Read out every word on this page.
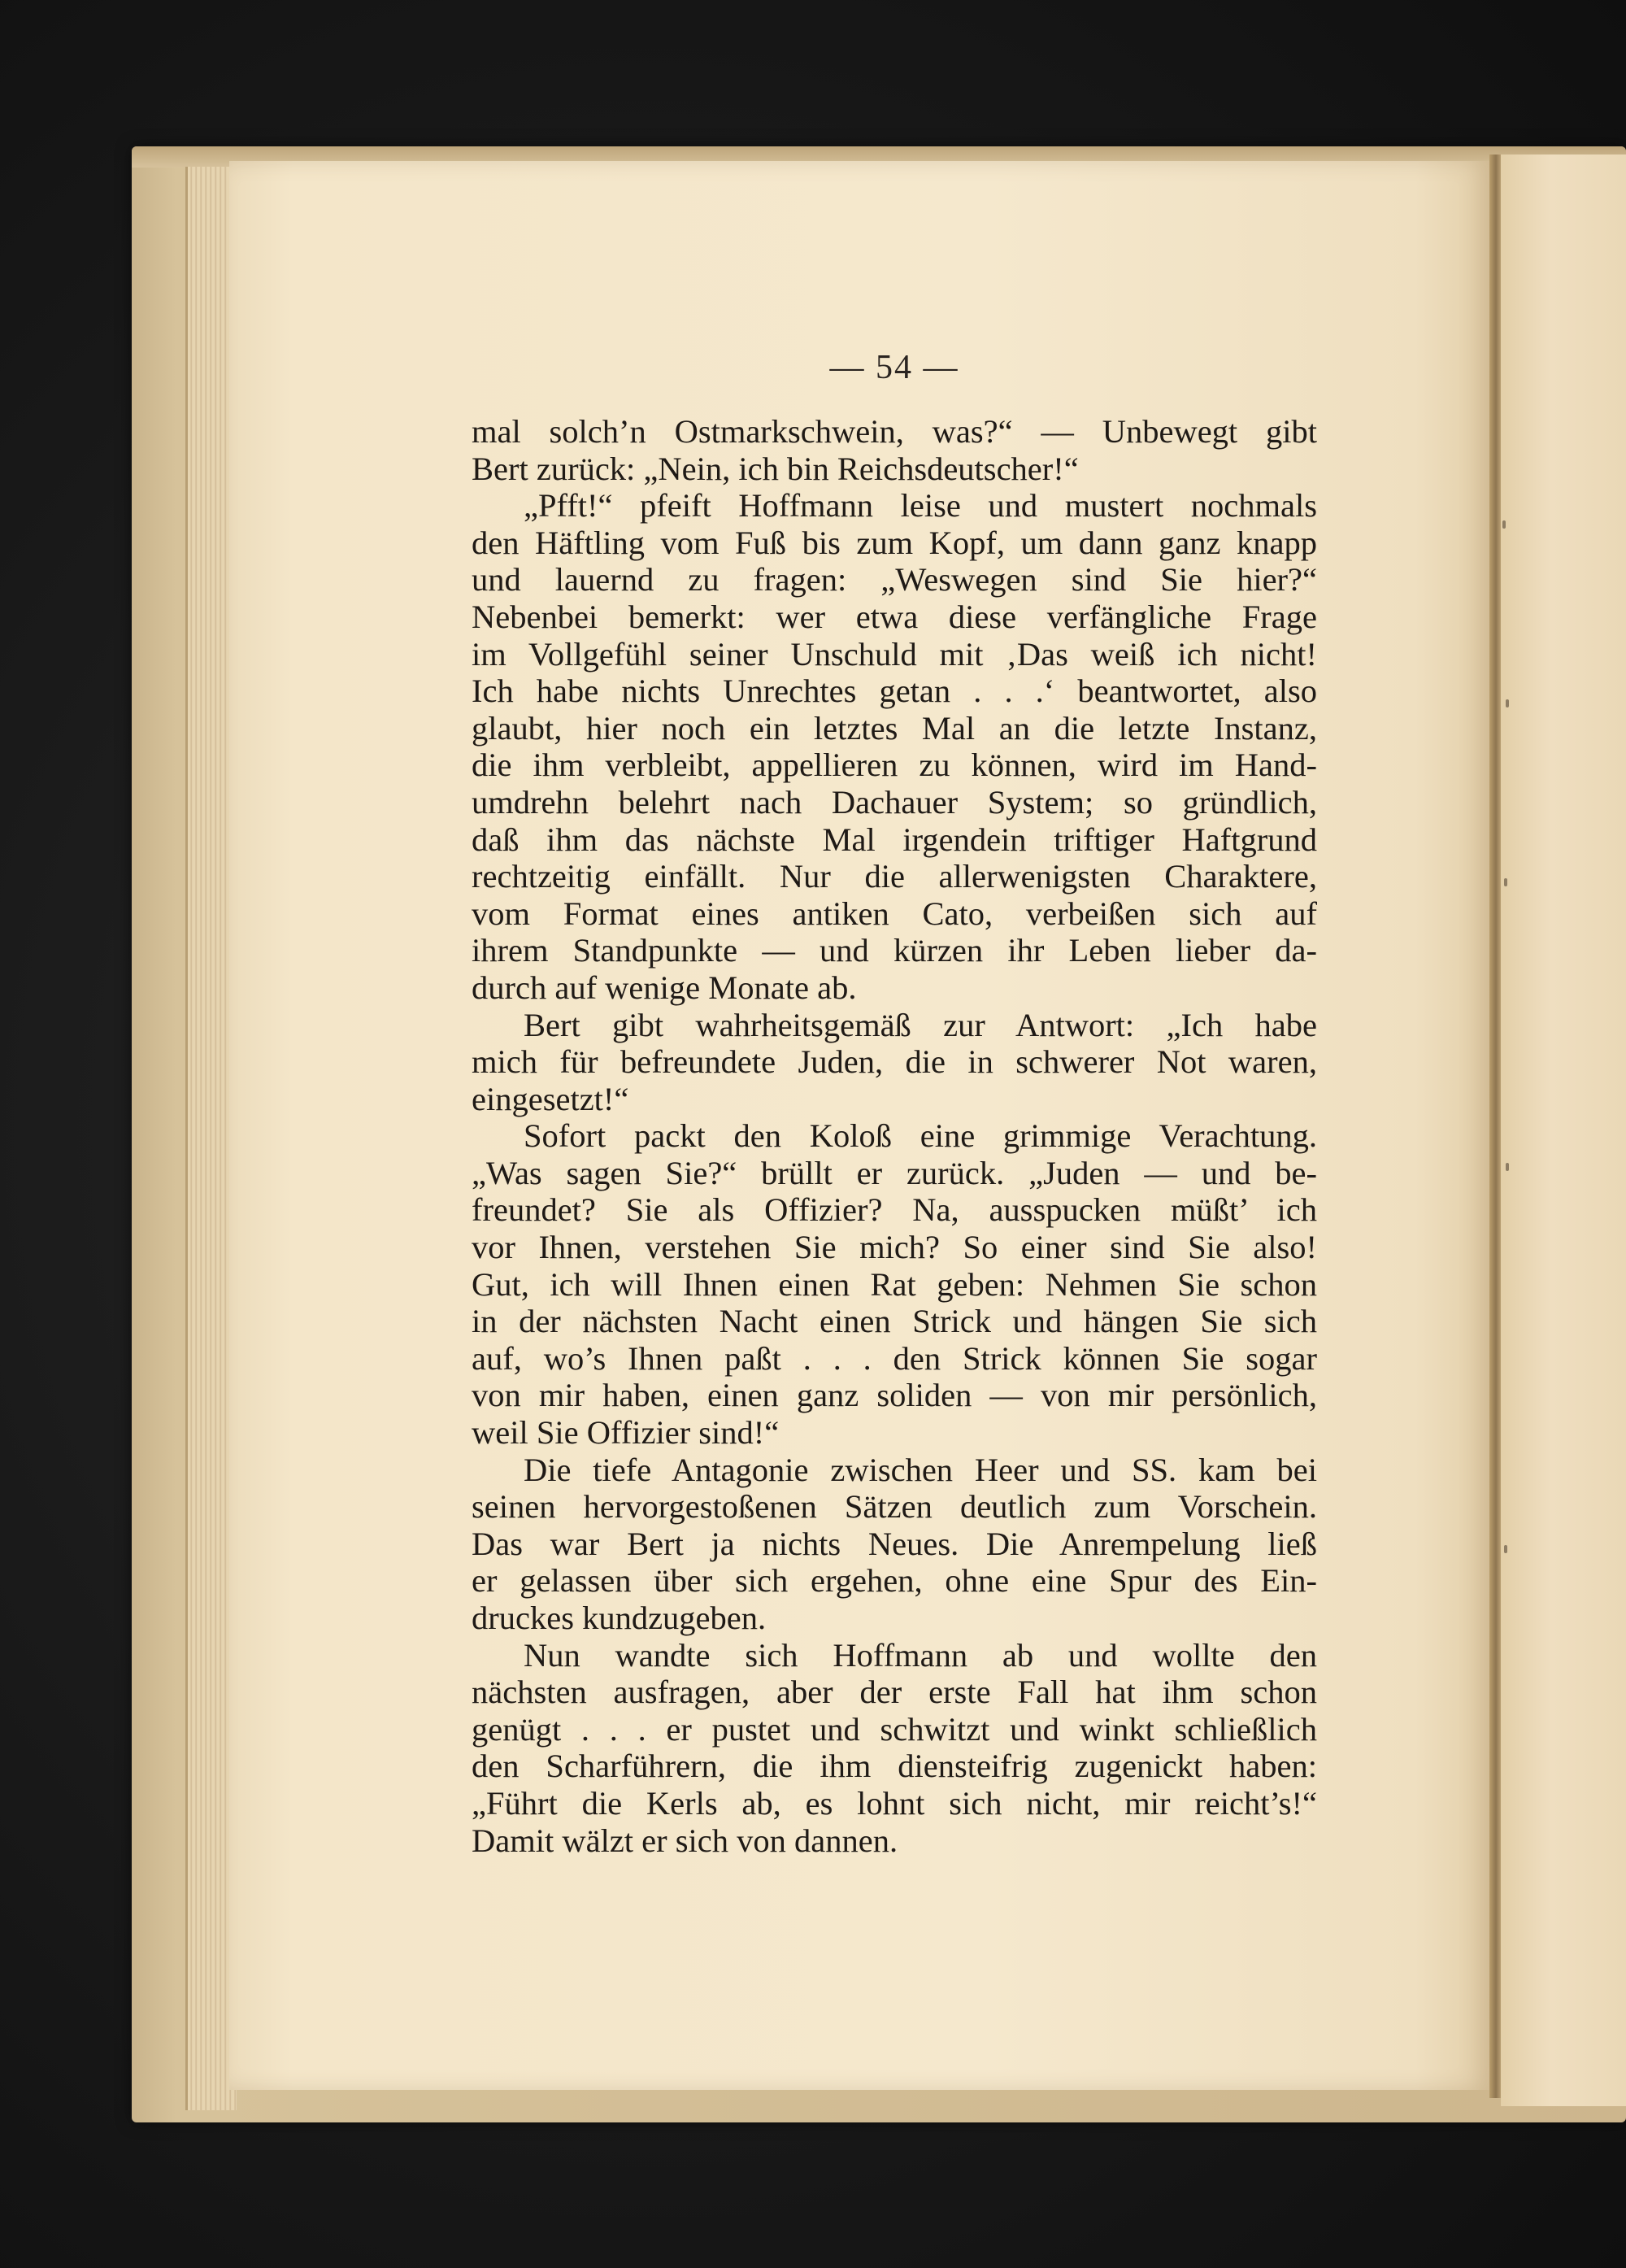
— 54 —
mal solch’n Ostmarkschwein, was?“ — Unbewegt gibt
Bert zurück: „Nein, ich bin Reichsdeutscher!“
„Pfft!“ pfeift Hoffmann leise und mustert nochmals
den Häftling vom Fuß bis zum Kopf, um dann ganz knapp
und lauernd zu fragen: „Weswegen sind Sie hier?“
Nebenbei bemerkt: wer etwa diese verfängliche Frage
im Vollgefühl seiner Unschuld mit ‚Das weiß ich nicht!
Ich habe nichts Unrechtes getan . . .‘ beantwortet, also
glaubt, hier noch ein letztes Mal an die letzte Instanz,
die ihm verbleibt, appellieren zu können, wird im Hand-
umdrehn belehrt nach Dachauer System; so gründlich,
daß ihm das nächste Mal irgendein triftiger Haftgrund
rechtzeitig einfällt. Nur die allerwenigsten Charaktere,
vom Format eines antiken Cato, verbeißen sich auf
ihrem Standpunkte — und kürzen ihr Leben lieber da-
durch auf wenige Monate ab.
Bert gibt wahrheitsgemäß zur Antwort: „Ich habe
mich für befreundete Juden, die in schwerer Not waren,
eingesetzt!“
Sofort packt den Koloß eine grimmige Verachtung.
„Was sagen Sie?“ brüllt er zurück. „Juden — und be-
freundet? Sie als Offizier? Na, ausspucken müßt’ ich
vor Ihnen, verstehen Sie mich? So einer sind Sie also!
Gut, ich will Ihnen einen Rat geben: Nehmen Sie schon
in der nächsten Nacht einen Strick und hängen Sie sich
auf, wo’s Ihnen paßt . . . den Strick können Sie sogar
von mir haben, einen ganz soliden — von mir persönlich,
weil Sie Offizier sind!“
Die tiefe Antagonie zwischen Heer und SS. kam bei
seinen hervorgestoßenen Sätzen deutlich zum Vorschein.
Das war Bert ja nichts Neues. Die Anrempelung ließ
er gelassen über sich ergehen, ohne eine Spur des Ein-
druckes kundzugeben.
Nun wandte sich Hoffmann ab und wollte den
nächsten ausfragen, aber der erste Fall hat ihm schon
genügt . . . er pustet und schwitzt und winkt schließlich
den Scharführern, die ihm diensteifrig zugenickt haben:
„Führt die Kerls ab, es lohnt sich nicht, mir reicht’s!“
Damit wälzt er sich von dannen.
